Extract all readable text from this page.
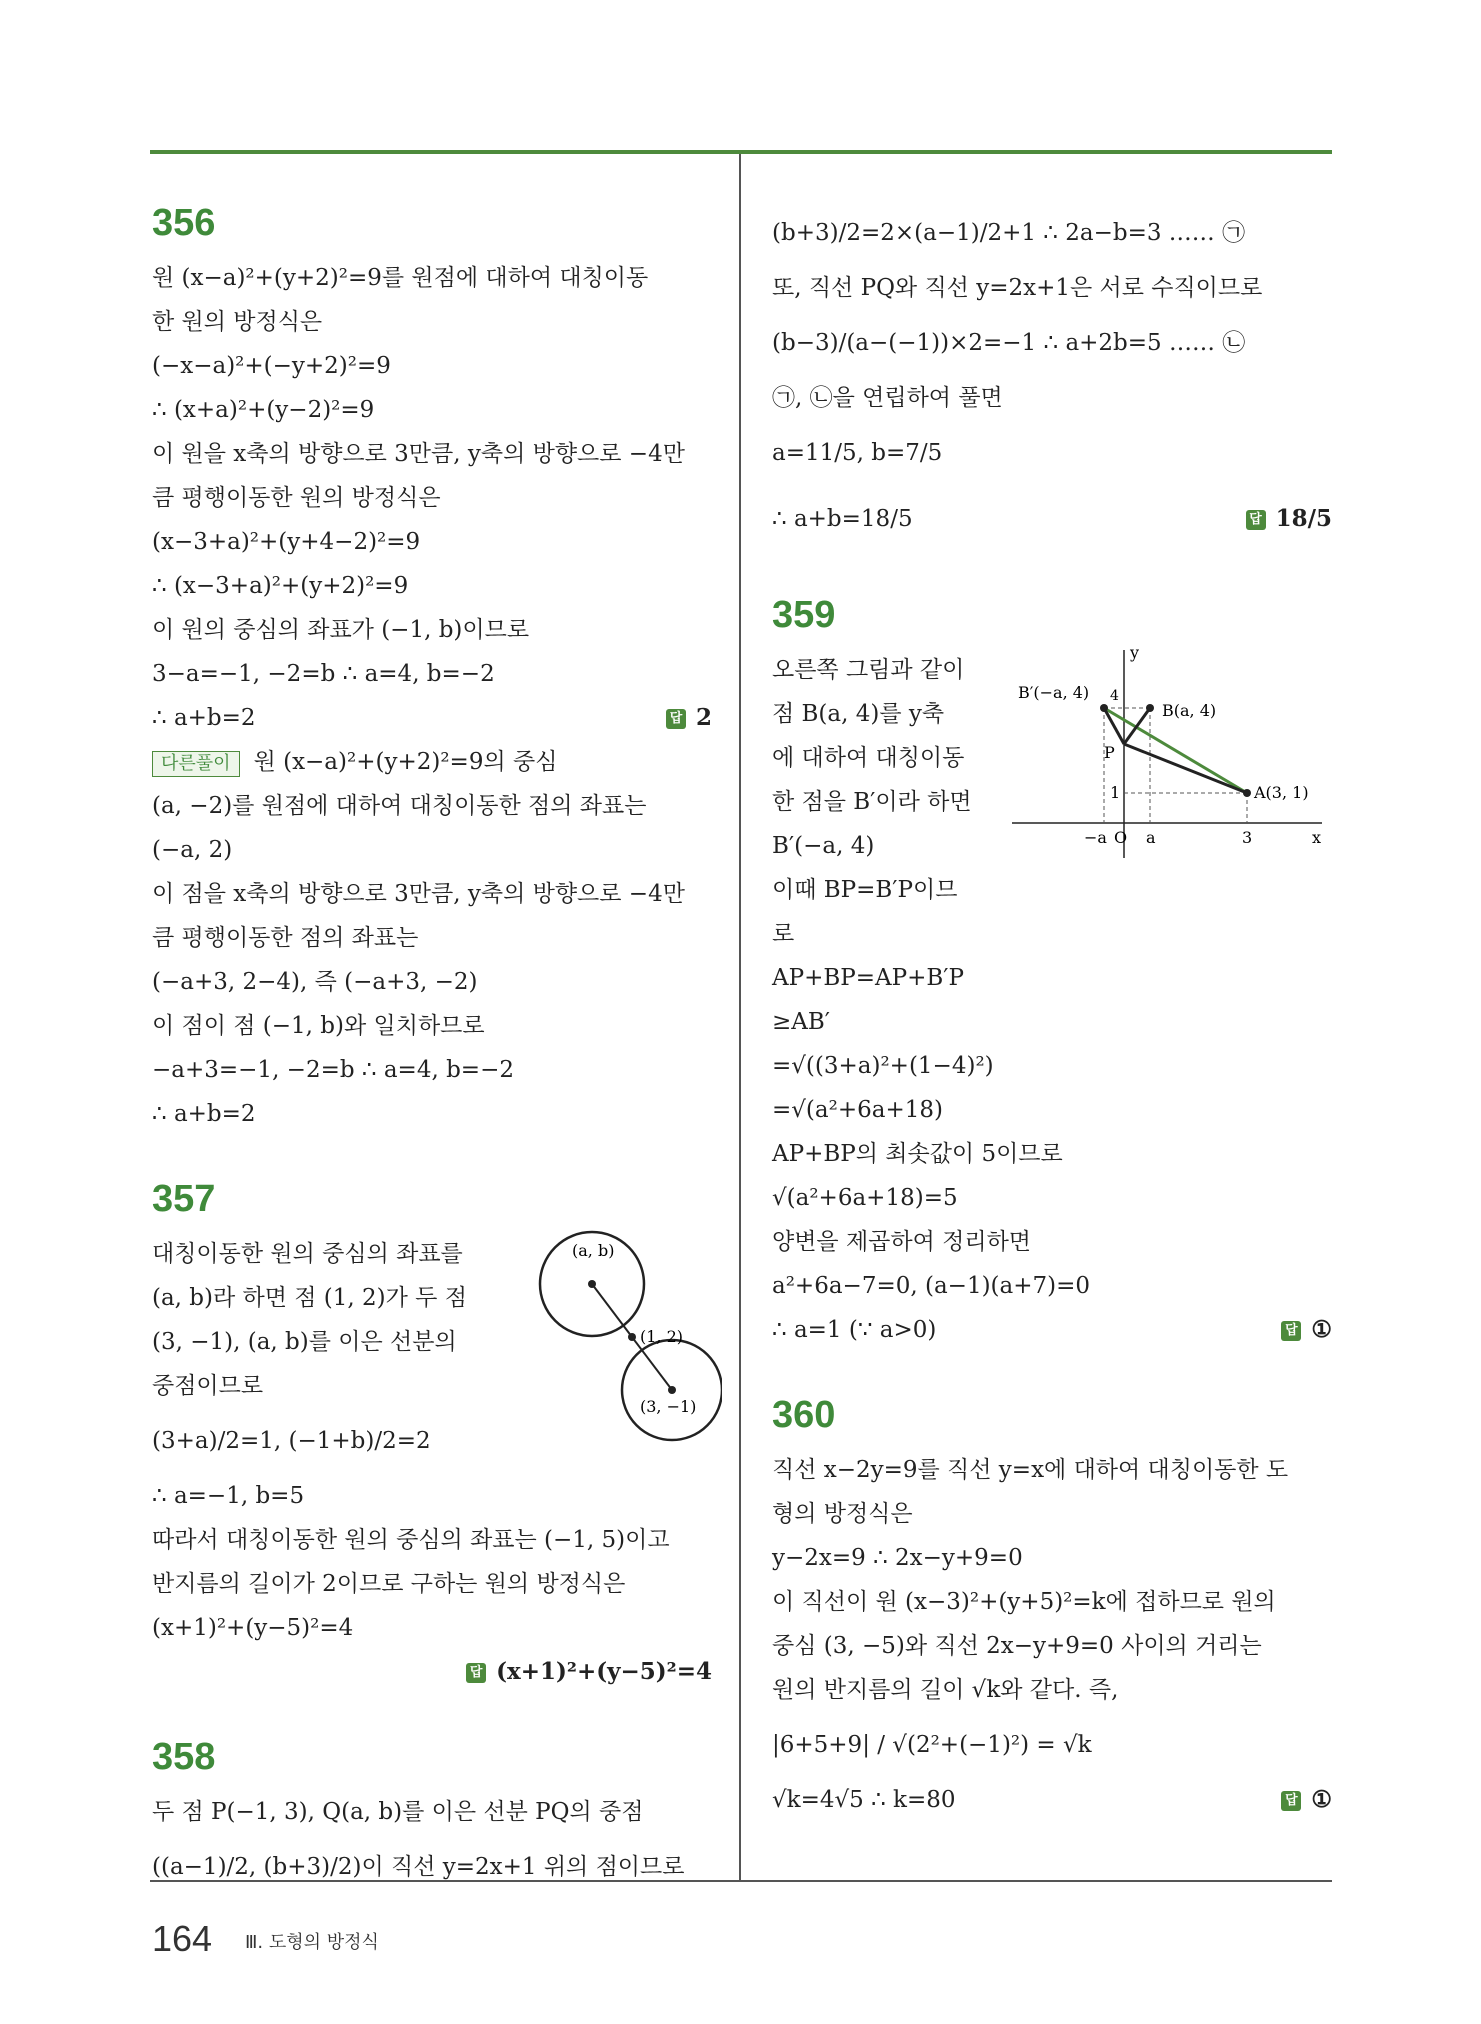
356
원 (x−a)²+(y+2)²=9를 원점에 대하여 대칭이동
한 원의 방정식은
(−x−a)²+(−y+2)²=9
∴ (x+a)²+(y−2)²=9
이 원을 x축의 방향으로 3만큼, y축의 방향으로 −4만
큼 평행이동한 원의 방정식은
(x−3+a)²+(y+4−2)²=9
∴ (x−3+a)²+(y+2)²=9
이 원의 중심의 좌표가 (−1, b)이므로
3−a=−1, −2=b ∴ a=4, b=−2
∴ a+b=2	답 2
다른풀이 원 (x−a)²+(y+2)²=9의 중심
(a, −2)를 원점에 대하여 대칭이동한 점의 좌표는
(−a, 2)
이 점을 x축의 방향으로 3만큼, y축의 방향으로 −4만
큼 평행이동한 점의 좌표는
(−a+3, 2−4), 즉 (−a+3, −2)
이 점이 점 (−1, b)와 일치하므로
−a+3=−1, −2=b ∴ a=4, b=−2
∴ a+b=2
357
(a, b)
(1, 2)
(3, −1)
대칭이동한 원의 중심의 좌표를
(a, b)라 하면 점 (1, 2)가 두 점
(3, −1), (a, b)를 이은 선분의
중점이므로
(3+a)/2=1, (−1+b)/2=2
∴ a=−1, b=5
따라서 대칭이동한 원의 중심의 좌표는 (−1, 5)이고
반지름의 길이가 2이므로 구하는 원의 방정식은
(x+1)²+(y−5)²=4
답 (x+1)²+(y−5)²=4
358
두 점 P(−1, 3), Q(a, b)를 이은 선분 PQ의 중점
((a−1)/2, (b+3)/2)이 직선 y=2x+1 위의 점이므로
(b+3)/2=2×(a−1)/2+1 ∴ 2a−b=3 …… ㉠
또, 직선 PQ와 직선 y=2x+1은 서로 수직이므로
(b−3)/(a−(−1))×2=−1 ∴ a+2b=5 …… ㉡
㉠, ㉡을 연립하여 풀면
a=11/5, b=7/5
∴ a+b=18/5	답 18/5
359
y
B′(−a, 4)
B(a, 4)
4
P
1	A(3, 1)
−a O a	3	x
오른쪽 그림과 같이
점 B(a, 4)를 y축
에 대하여 대칭이동
한 점을 B′이라 하면
B′(−a, 4)
이때 BP=B′P이므
로
AP+BP=AP+B′P
≥AB′
=√((3+a)²+(1−4)²)
=√(a²+6a+18)
AP+BP의 최솟값이 5이므로
√(a²+6a+18)=5
양변을 제곱하여 정리하면
a²+6a−7=0, (a−1)(a+7)=0
∴ a=1 (∵ a>0)	답 ①
360
직선 x−2y=9를 직선 y=x에 대하여 대칭이동한 도
형의 방정식은
y−2x=9 ∴ 2x−y+9=0
이 직선이 원 (x−3)²+(y+5)²=k에 접하므로 원의
중심 (3, −5)와 직선 2x−y+9=0 사이의 거리는
원의 반지름의 길이 √k와 같다. 즉,
|6+5+9| / √(2²+(−1)²) = √k
√k=4√5 ∴ k=80	답 ①
164 Ⅲ. 도형의 방정식
